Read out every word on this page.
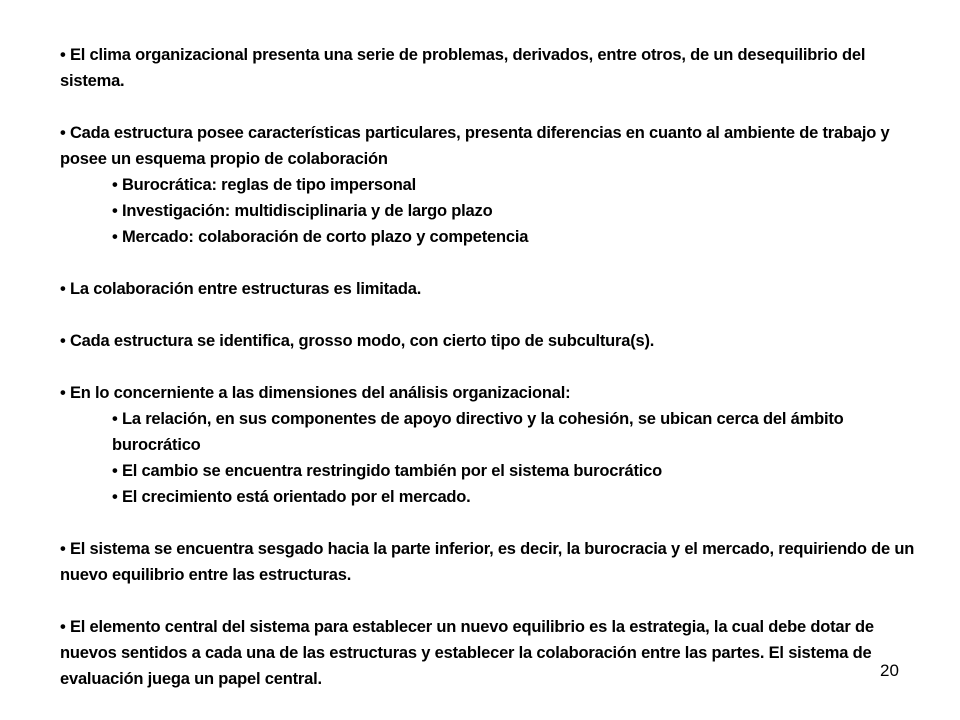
• El clima organizacional presenta una serie de problemas, derivados, entre otros, de un desequilibrio del sistema.

• Cada estructura posee características particulares, presenta diferencias en cuanto al ambiente de trabajo y posee un esquema propio de colaboración

• Burocrática: reglas de tipo impersonal

• Investigación: multidisciplinaria y de largo plazo

• Mercado: colaboración de corto plazo y competencia

• La colaboración entre estructuras es limitada.

• Cada estructura se identifica, grosso modo, con cierto tipo de subcultura(s).

• En lo concerniente a las dimensiones del análisis organizacional:

• La relación, en sus componentes de apoyo directivo y la cohesión, se ubican cerca del ámbito burocrático

• El cambio se encuentra restringido también por el sistema burocrático

• El crecimiento está orientado por el mercado.

• El sistema se encuentra sesgado hacia la parte inferior, es decir, la burocracia y el mercado, requiriendo de un nuevo equilibrio entre las estructuras.

• El elemento central del sistema para establecer un nuevo equilibrio es la estrategia, la cual debe dotar de nuevos sentidos a cada una de las estructuras y establecer la colaboración entre las partes. El sistema de evaluación juega un papel central.	20
